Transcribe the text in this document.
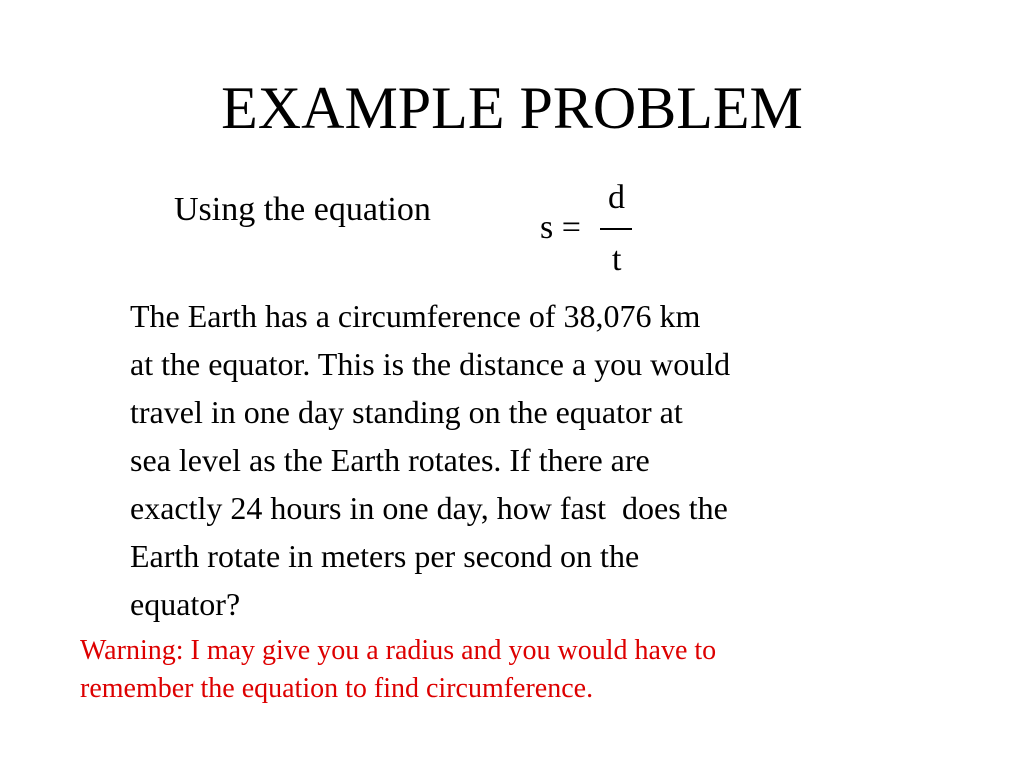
EXAMPLE PROBLEM
Using the equation	s =
d
t
The Earth has a circumference of 38,076 km
at the equator. This is the distance a you would
travel in one day standing on the equator at
sea level as the Earth rotates. If there are
exactly 24 hours in one day, how fast  does the
Earth rotate in meters per second on the
equator?
Warning: I may give you a radius and you would have to
remember the equation to find circumference.
